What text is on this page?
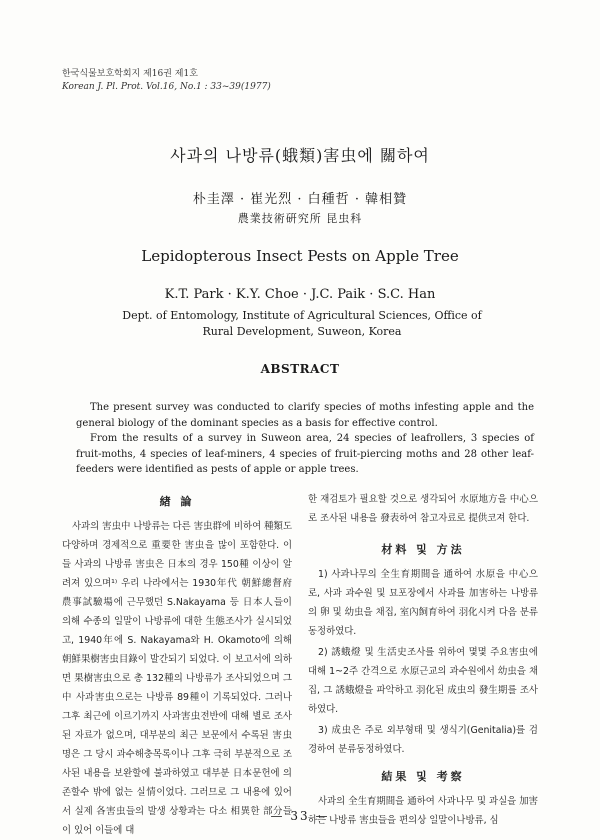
한국식물보호학회지 제16권 제1호
Korean J. Pl. Prot. Vol.16, No.1 : 33~39(1977)
사과의 나방류(蛾類)害虫에 關하여
朴圭澤 · 崔光烈 · 白種哲 · 韓相贊
農業技術硏究所 昆虫科
Lepidopterous Insect Pests on Apple Tree
K.T. Park · K.Y. Choe · J.C. Paik · S.C. Han
Dept. of Entomology, Institute of Agricultural Sciences, Office of Rural Development, Suweon, Korea
ABSTRACT

The present survey was conducted to clarify species of moths infesting apple and the general biology of the dominant species as a basis for effective control.

From the results of a survey in Suweon area, 24 species of leafrollers, 3 species of fruit-moths, 4 species of leaf-miners, 4 species of fruit-piercing moths and 28 other leaf-feeders were identified as pests of apple or apple trees.

緖 論

사과의 害虫中 나방류는 다른 害虫群에 비하여 種類도 다양하며 경제적으로 重要한 害虫을 많이 포함한다. 이들 사과의 나방류 害虫은 日本의 경우 150種 이상이 알려져 있으며¹⁾ 우리 나라에서는 1930年代 朝鮮總督府 農事試驗場에 근무했던 S.Nakayama 등 日本人들이 의해 수종의 일말이 나방류에 대한 生態조사가 실시되었고, 1940年에 S. Nakayama와 H. Okamoto에 의해 朝鮮果樹害虫目錄이 발간되기 되었다. 이 보고서에 의하면 果樹害虫으로 총 132種의 나방류가 조사되었으며 그中 사과害虫으로는 나방류 89種이 기록되었다. 그러나 그후 최근에 이르기까지 사과害虫전반에 대해 별로 조사된 자료가 없으며, 대부분의 최근 보문에서 수록된 害虫명은 그 당시 과수해충목록이나 그후 극히 부분적으로 조사된 내용을 보완할에 불과하였고 대부분 日本문헌에 의존할수 밖에 없는 실情이었다. 그러므로 그 내용에 있어서 실제 各害虫들의 발생 상황과는 다소 相異한 部分들이 있어 이들에 대

한 재검토가 필요할 것으로 생각되어 水原地方을 中心으로 조사된 내용을 發表하여 참고자료로 提供코져 한다.

材料 및 方法

1) 사과나무의 全生育期間을 通하여 水原을 中心으로, 사과 과수원 및 묘포장에서 사과를 加害하는 나방류의 卵 및 幼虫을 채집, 室內飼育하여 羽化시켜 다음 분류 동정하였다.

2) 誘蛾燈 및 生活史조사를 위하여 몇몇 주요害虫에 대해 1~2주 간격으로 水原근교의 과수원에서 幼虫을 채집, 그 誘蛾燈을 파악하고 羽化된 成虫의 發生期를 조사하였다.

3) 成虫은 주로 외부형태 및 생식기(Genitalia)를 검경하여 분류동정하였다.

結果 및 考察

사과의 全生育期間을 通하여 사과나무 및 과실을 加害하는 나방류 害虫들을 편의상 일말이나방류, 심

— 33 —
